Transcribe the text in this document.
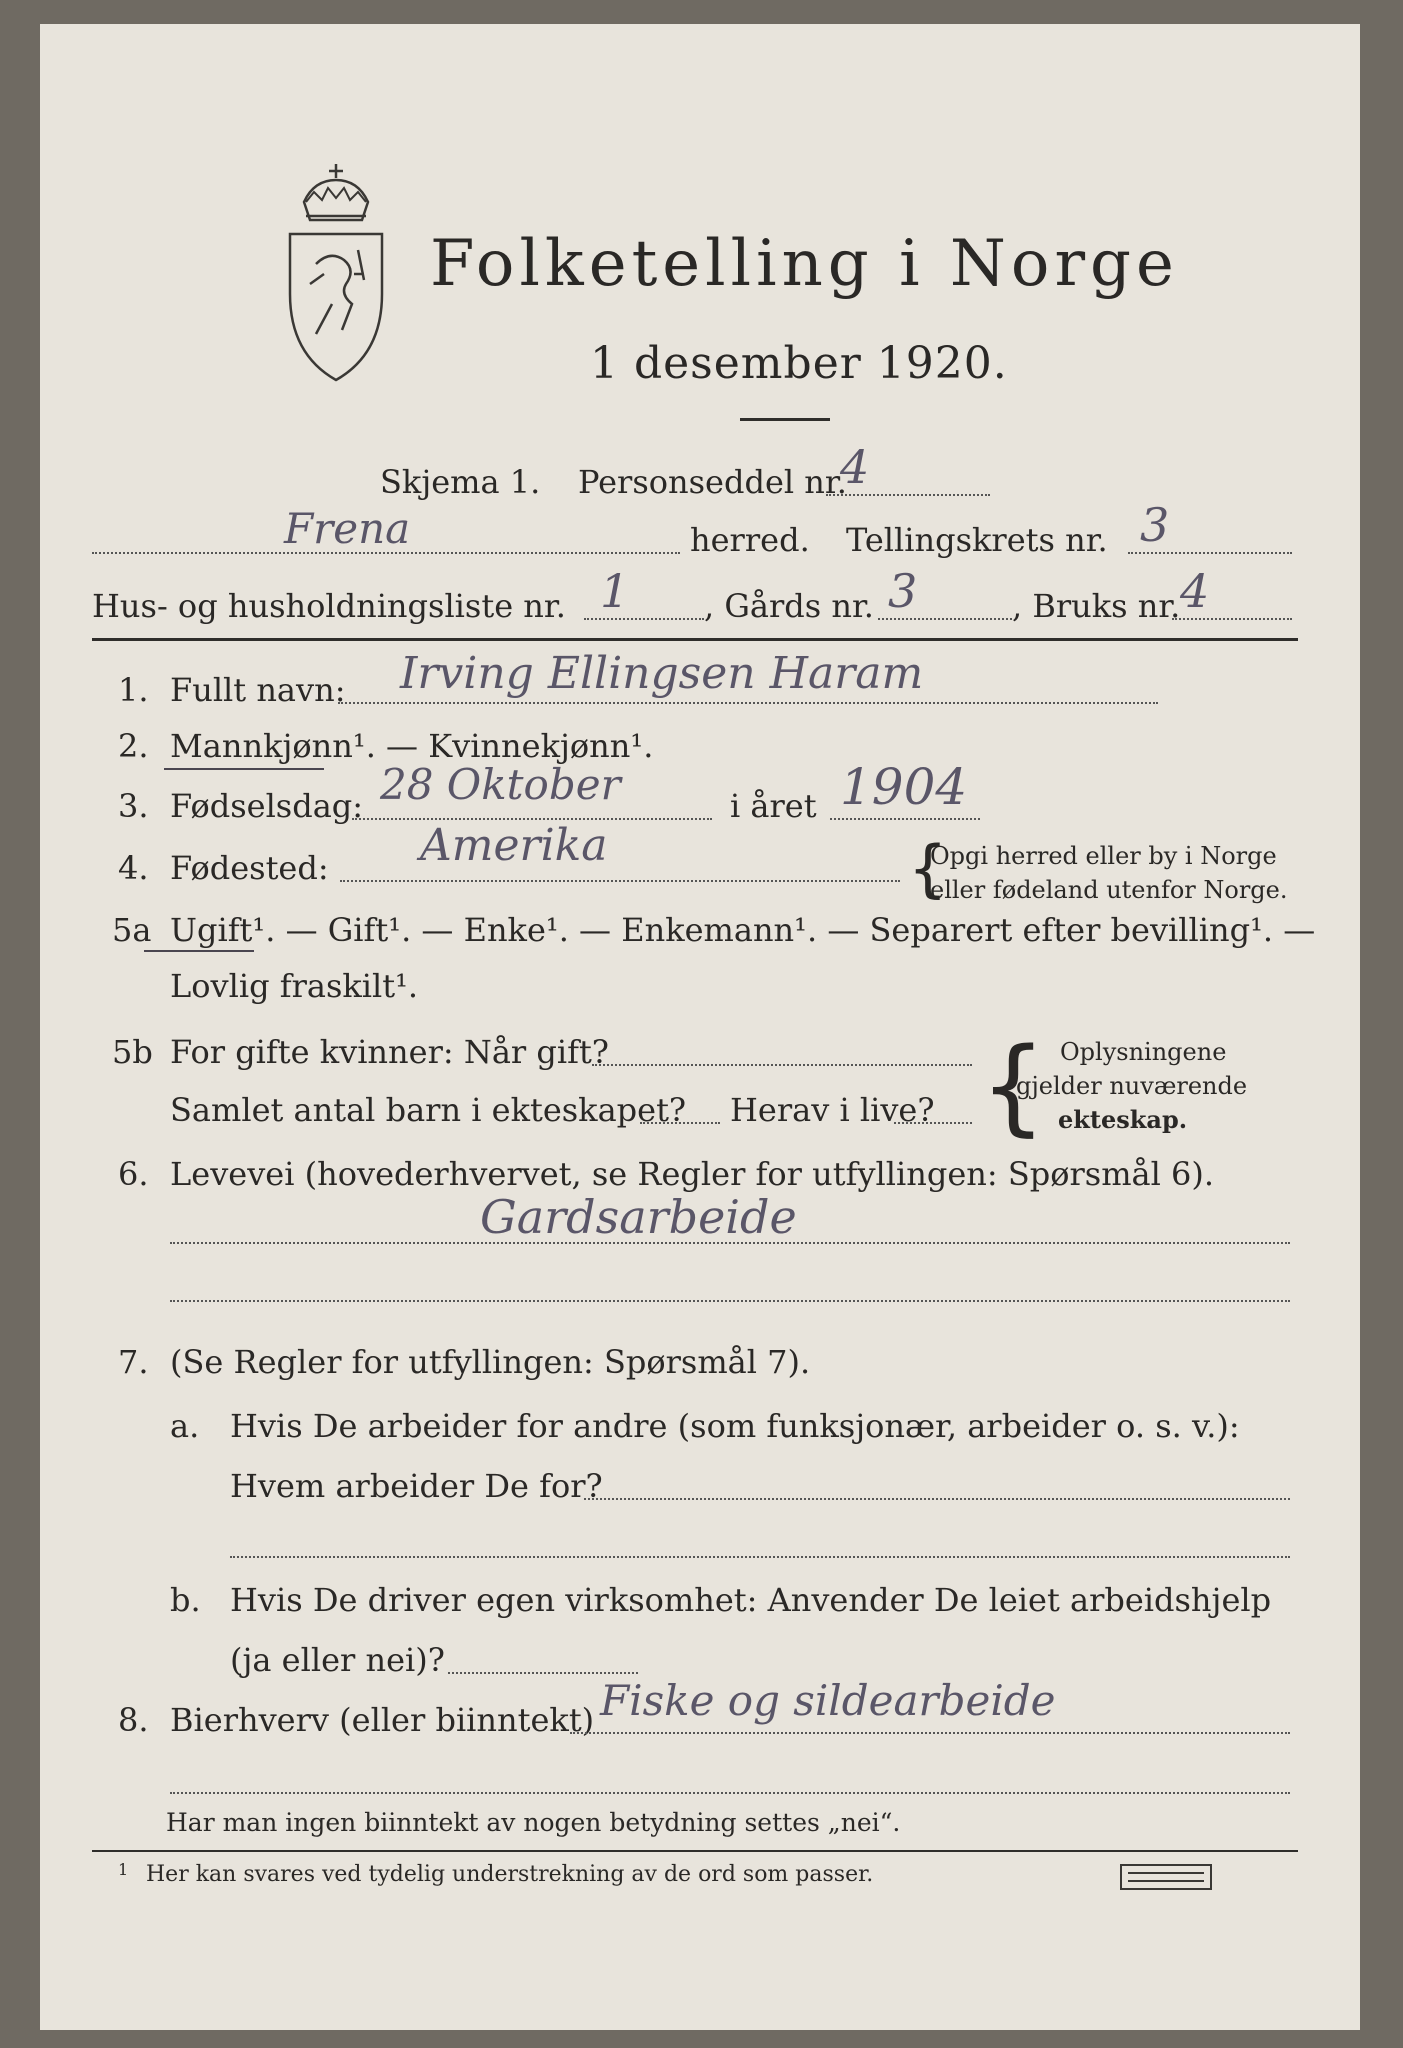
Folketelling i Norge
1 desember 1920.
Skjema 1. Personseddel nr.
4
Frena	herred. Tellingskrets nr. 3
Hus- og husholdningsliste nr. 1 , Gårds nr. 3	, Bruks nr. 4
1. Fullt navn: Irving Ellingsen Haram
2. Mannkjønn¹. — Kvinnekjønn¹.
3. Fødselsdag: 28 Oktober	i året 1904
4. Fødested: Amerika	{
Opgi herred eller by i Norge
eller fødeland utenfor Norge.
5a Ugift¹. — Gift¹. — Enke¹. — Enkemann¹. — Separert efter bevilling¹. —
Lovlig fraskilt¹.
5b For gifte kvinner: Når gift?
Samlet antal barn i ekteskapet? Herav i live? { Oplysningene
gjelder nuværende
ekteskap.
6. Levevei (hovederhvervet, se Regler for utfyllingen: Spørsmål 6).
Gardsarbeide
7. (Se Regler for utfyllingen: Spørsmål 7).
a. Hvis De arbeider for andre (som funksjonær, arbeider o. s. v.):
Hvem arbeider De for?
b. Hvis De driver egen virksomhet: Anvender De leiet arbeidshjelp
(ja eller nei)?
8. Bierhverv (eller biinntekt) Fiske og sildearbeide
Har man ingen biinntekt av nogen betydning settes „nei“.
1 Her kan svares ved tydelig understrekning av de ord som passer.
